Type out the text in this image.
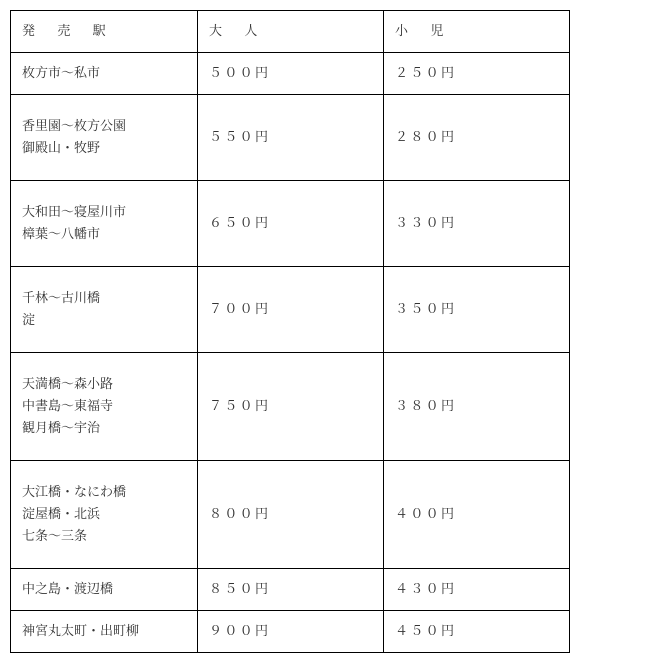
発 売 駅	大 人	小 児

枚方市〜私市	５００円	２５０円

香里園〜枚方公園
御殿山・牧野	５５０円	２８０円

大和田〜寝屋川市
樟葉〜八幡市	６５０円	３３０円

千林〜古川橋
淀	７００円	３５０円

天満橋〜森小路
中書島〜東福寺
観月橋〜宇治	７５０円	３８０円

大江橋・なにわ橋
淀屋橋・北浜
七条〜三条	８００円	４００円

中之島・渡辺橋	８５０円	４３０円

神宮丸太町・出町柳	９００円	４５０円
